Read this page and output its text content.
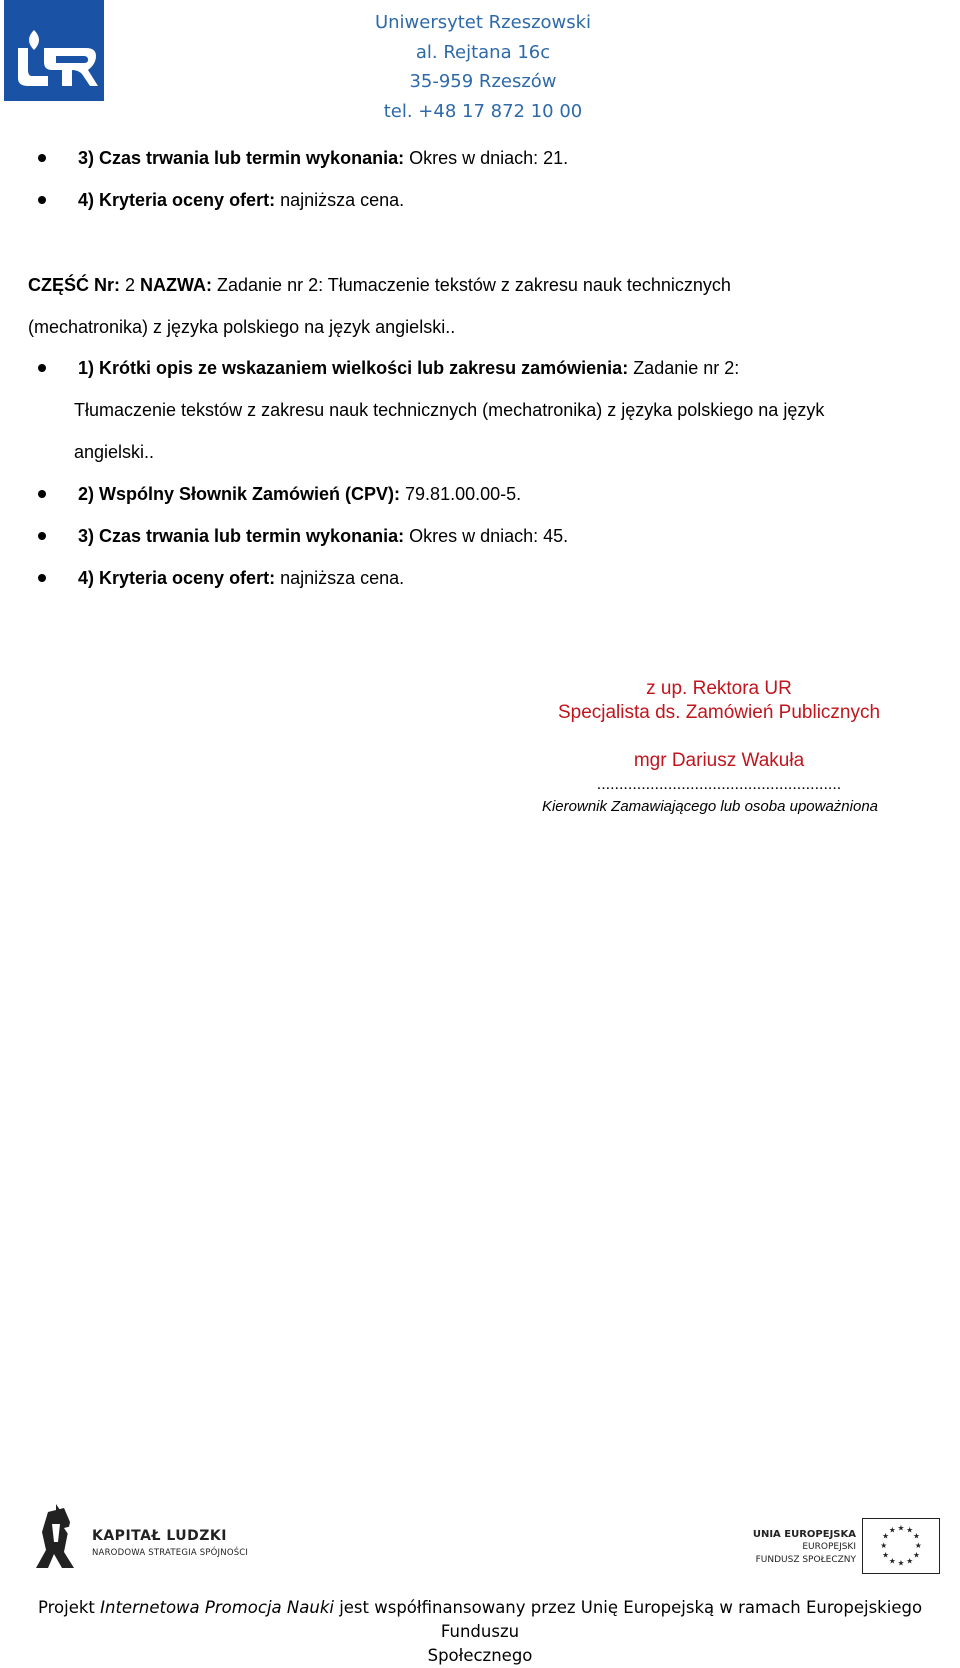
Uniwersytet Rzeszowski
al. Rejtana 16c
35-959 Rzeszów
tel. +48 17 872 10 00
3) Czas trwania lub termin wykonania: Okres w dniach: 21.
4) Kryteria oceny ofert: najniższa cena.
CZĘŚĆ Nr: 2 NAZWA: Zadanie nr 2: Tłumaczenie tekstów z zakresu nauk technicznych
(mechatronika) z języka polskiego na język angielski..
1) Krótki opis ze wskazaniem wielkości lub zakresu zamówienia: Zadanie nr 2:
Tłumaczenie tekstów z zakresu nauk technicznych (mechatronika) z języka polskiego na język
angielski..
2) Wspólny Słownik Zamówień (CPV): 79.81.00.00-5.
3) Czas trwania lub termin wykonania: Okres w dniach: 45.
4) Kryteria oceny ofert: najniższa cena.
z up. Rektora UR
Specjalista ds. Zamówień Publicznych
mgr Dariusz Wakuła
.......................................................
Kierownik Zamawiającego lub osoba upoważniona
KAPITAŁ LUDZKI
NARODOWA STRATEGIA SPÓJNOŚCI
UNIA EUROPEJSKA
EUROPEJSKI
FUNDUSZ SPOŁECZNY
★ ★
★
★
★
★
★
★
★
★
★
★
Projekt Internetowa Promocja Nauki jest współfinansowany przez Unię Europejską w ramach Europejskiego Funduszu
Społecznego
